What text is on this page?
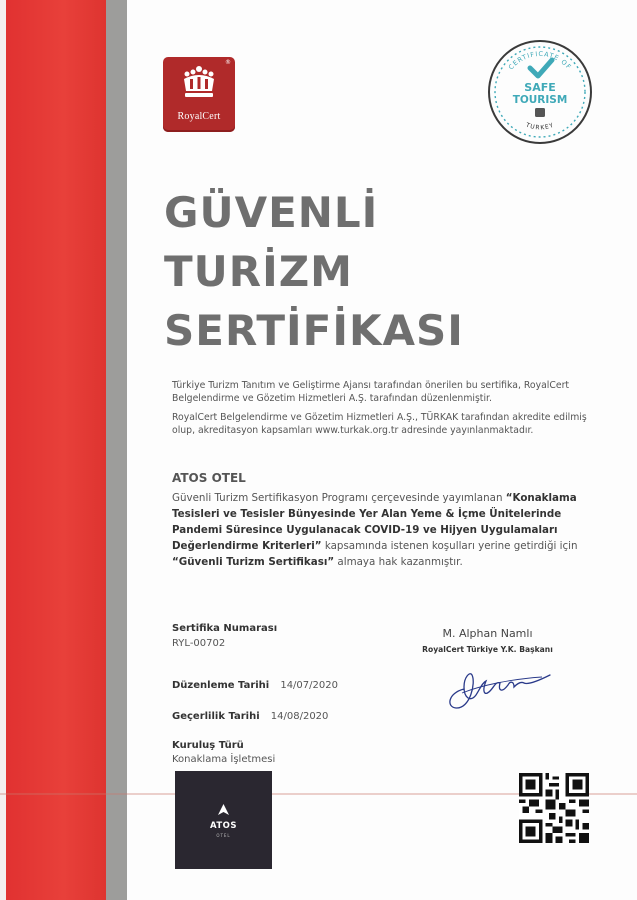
®
RoyalCert
CERTIFICATE OF
SAFE
TOURISM
TURKEY
GÜVENLİ
TURİZM
SERTİFİKASI

Türkiye Turizm Tanıtım ve Geliştirme Ajansı tarafından önerilen bu sertifika, RoyalCert Belgelendirme ve Gözetim Hizmetleri A.Ş. tarafından düzenlenmiştir.

RoyalCert Belgelendirme ve Gözetim Hizmetleri A.Ş., TÜRKAK tarafından akredite edilmiş olup, akreditasyon kapsamları www.turkak.org.tr adresinde yayınlanmaktadır.

ATOS OTEL
Güvenli Turizm Sertifikasyon Programı çerçevesinde yayımlanan “Konaklama Tesisleri ve Tesisler Bünyesinde Yer Alan Yeme & İçme Ünitelerinde Pandemi Süresince Uygulanacak COVID-19 ve Hijyen Uygulamaları Değerlendirme Kriterleri” kapsamında istenen koşulları yerine getirdiği için “Güvenli Turizm Sertifikası” almaya hak kazanmıştır.
Sertifika Numarası
RYL-00702
Düzenleme Tarihi 14/07/2020
Geçerlilik Tarihi 14/08/2020
Kuruluş Türü
Konaklama İşletmesi
M. Alphan Namlı
RoyalCert Türkiye Y.K. Başkanı
ATOS
OTEL
